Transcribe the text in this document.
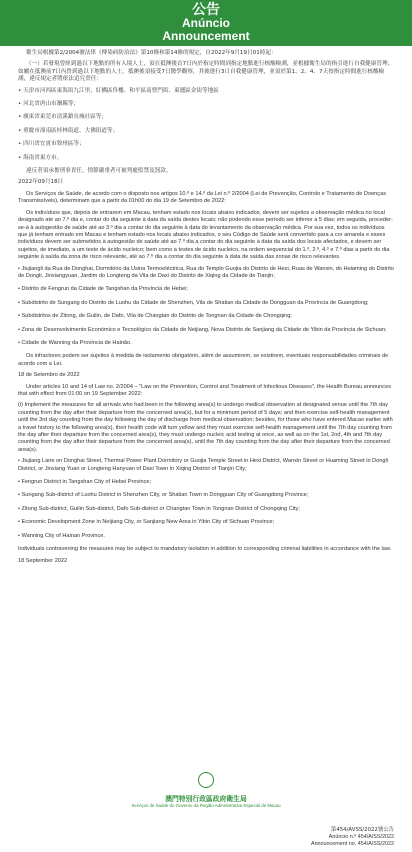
公告
Anúncio
Announcement

衛生局根據第2/2004號法律《傳染病防治法》第10條和第14條的規定，自2022年9月19日01時起：

（一）若發現曾經到過以下地點的所有入境人士，須在抵澳後首7日內於指定時間到指定地點進行核酸檢測，並根據衛生局的指引進行自我健康管理；如屬在抵澳前7日內曾到過以下地點的人士，抵澳後須接受7日醫學觀察，其後進行3日自我健康管理，並須於第1、2、4、7天按指定時間進行核酸檢測，違反規定者將依法追究責任：

• 天津市河西區東海街九江里、紅橋區佟樓、和平區南營門街、東麗區金街等地區
• 河北省唐山市灤縣等；
• 廣東省東莞市清溪鎮長城社區等；
• 重慶市潼南區桂林街道、大佛街道等；
• 四川省宜賓市敘州區等；
• 海南省東方市。

違反者須承擔刑事責任，情節嚴重者可被判處監禁及罰款。

2022年09月18日

Os Serviços de Saúde, de acordo com o disposto nos artigos 10.º e 14.º da Lei n.º 2/2004 (Lei de Prevenção, Controlo e Tratamento de Doenças Transmissíveis), determinam que a partir da 01h00 do dia 19 de Setembro de 2022:

Os indivíduos que, depois de entrarem em Macau, tenham estado nos locais abaixo indicados, devem ser sujeitos a observação médica no local designado até ao 7.º dia e, contar do dia seguinte à data da saída destes locais; não podendo esse período ser inferior a 5 dias; em seguida, proceder-se-á à autogestão de saúde até ao 3.º dia a contar do dia seguinte à data do levantamento da observação médica. Por sua vez, todos os indivíduos que já tenham entrado em Macau e tenham estado nos locais abaixo indicados, o seu Código de Saúde será convertido para a cor amarela e esses indivíduos devem ser submetidos à autogestão de saúde até ao 7.º dia a contar do dia seguinte à data da saída dos locais afectados, e devem ser sujeitos, de imediato, a um teste de ácido nucleico; bem como a testes de ácido nucleico, na ordem sequencial do 1.º, 2.º, 4.º e 7.º dias a partir do dia seguinte à saída da zona de risco relevante, até ao 7.º dia a contar do dia seguinte à data de saída das zonas de risco relevantes.

• Jiujiangli da Rua de Donghai, Dormitório da Usina Termoeléctrica, Rua do Templo Guojia do Distrito de Hexi, Ruas de Wanxin, do Heiaming do Distrito de Dongli, Jinxiangyuan, Jardim do Longteng da Vila de Daxi do Distrito de Xiqing da Cidade de Tianjin;
• Distrito de Fengrun da Cidade de Tangshan da Província de Hebei;
• Subdistrito de Sungang do Distrito de Luohu da Cidade de Shenzhen, Vila de Shatian da Cidade de Dongguan da Província de Guangdong;
• Subdistritos de Zitong, de Guilin, de Dafo, Vila de Changtan do Distrito de Tongnan da Cidade de Chongqing;
• Zona de Desenvolvimento Económico e Tecnológico da Cidade de Neijiang, Nova Distrito de Sanjiang da Cidade de Yibin da Província de Sichuan;
• Cidade de Wanning da Província de Hainão.

Os infractores podem ser sujeitos à medida de isolamento obrigatório, além de assumirem, se existirem, eventuais responsabilidades criminais de acordo com a Lei.

18 de Setembro de 2022

Under articles 10 and 14 of Law no. 2/2004 – "Law on the Prevention, Control and Treatment of Infectious Diseases", the Health Bureau announces that with effect from 01:00 on 19 September 2022:

(i) Implement the measures for all arrivals who had been in the following area(s) to undergo medical observation at designated venue until the 7th day counting from the day after their departure from the concerned area(s), but for a minimum period of 5 days; and then exercise self-health management until the 3rd day counting from the day following the day of discharge from medical observation; besides, for those who have entered Macao earlier with a travel history to the following area(s), their health code will turn yellow and they must exercise self-health management until the 7th day counting from the day after their departure from the concerned area(s), they must undergo nucleic acid testing at once, as well as on the 1st, 2nd, 4th and 7th day counting from the day after their departure from the concerned area(s), until the 7th day counting from the day after their departure from the concerned area(s).

• Jiujiang Lane on Donghai Street, Thermal Power Plant Dormitory or Guojia Temple Street in Hexi District, Wanxin Street or Huaming Street in Dongli District, or Jinxiang Yuan or Longteng Hanyuan of Daxi Town in Xiqing District of Tianjin City;
• Fengrun District in Tangshan City of Hebei Province;
• Sungang Sub-district of Luohu District in Shenzhen City, or Shatian Town in Dongguan City of Guangdong Province;
• Zitong Sub-district, Guilin Sub-district, Dafo Sub-district or Changtan Town in Tongnan District of Chongqing City;
• Economic Development Zone in Neijiang City, or Sanjiang New Area in Yibin City of Sichuan Province;
• Wanning City of Hainan Province.

Individuals contravening the measures may be subject to mandatory isolation in addition to corresponding criminal liabilities in accordance with the law.

18 September 2022

澳門特別行政區政府衛生局
Serviços de Saúde do Governo da Região Administrativa Especial de Macau
第454/AVSS/2022號公告
Anúncio n.º 454/A/SS/2022
Announcement no. 454/A/SS/2022
